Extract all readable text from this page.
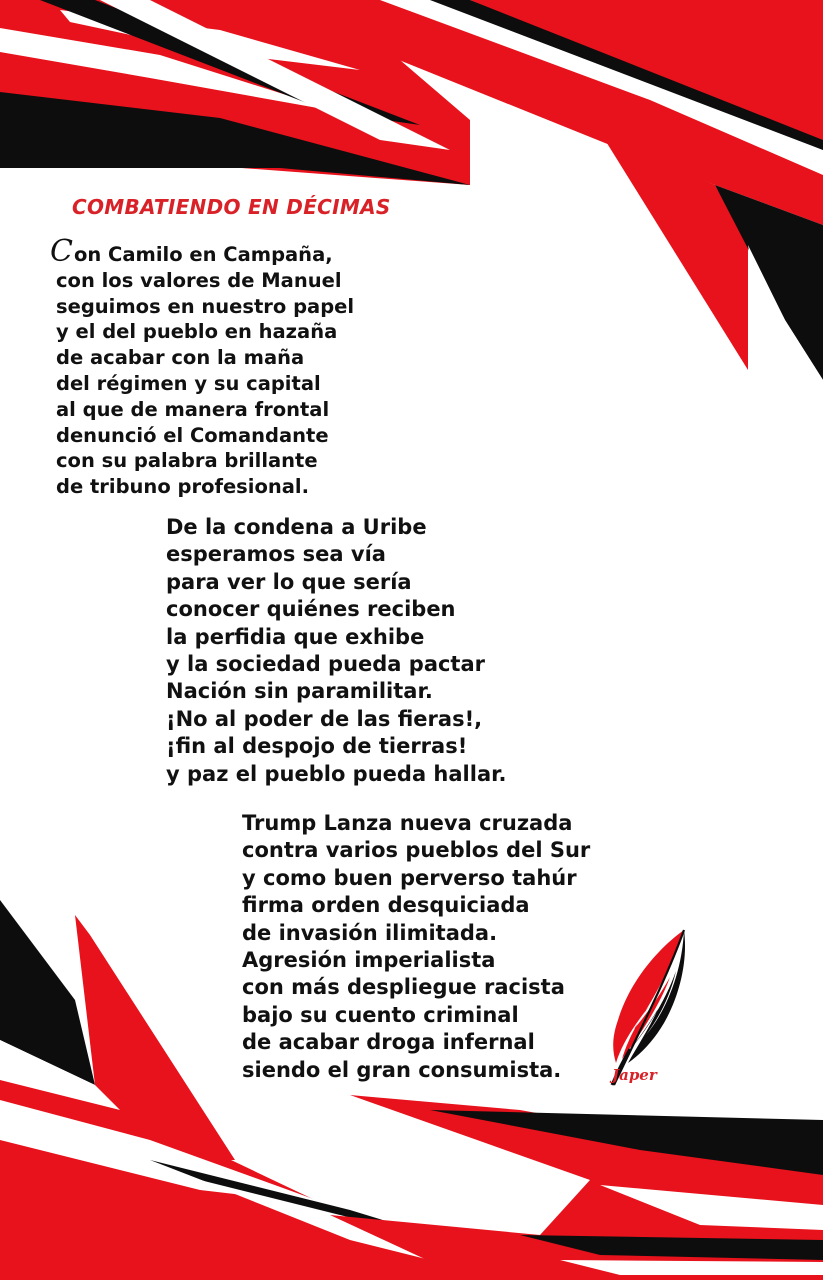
COMBATIENDO EN DÉCIMAS
Con Camilo en Campaña,
con los valores de Manuel
seguimos en nuestro papel
y el del pueblo en hazaña
de acabar con la maña
del régimen y su capital
al que de manera frontal
denunció el Comandante
con su palabra brillante
de tribuno profesional.
De la condena a Uribe
esperamos sea vía
para ver lo que sería
conocer quiénes reciben
la perfidia que exhibe
y la sociedad pueda pactar
Nación sin paramilitar.
¡No al poder de las fieras!,
¡fin al despojo de tierras!
y paz el pueblo pueda hallar.
Trump Lanza nueva cruzada
contra varios pueblos del Sur
y como buen perverso tahúr
firma orden desquiciada
de invasión ilimitada.
Agresión imperialista
con más despliegue racista
bajo su cuento criminal
de acabar droga infernal
siendo el gran consumista.	Japer
